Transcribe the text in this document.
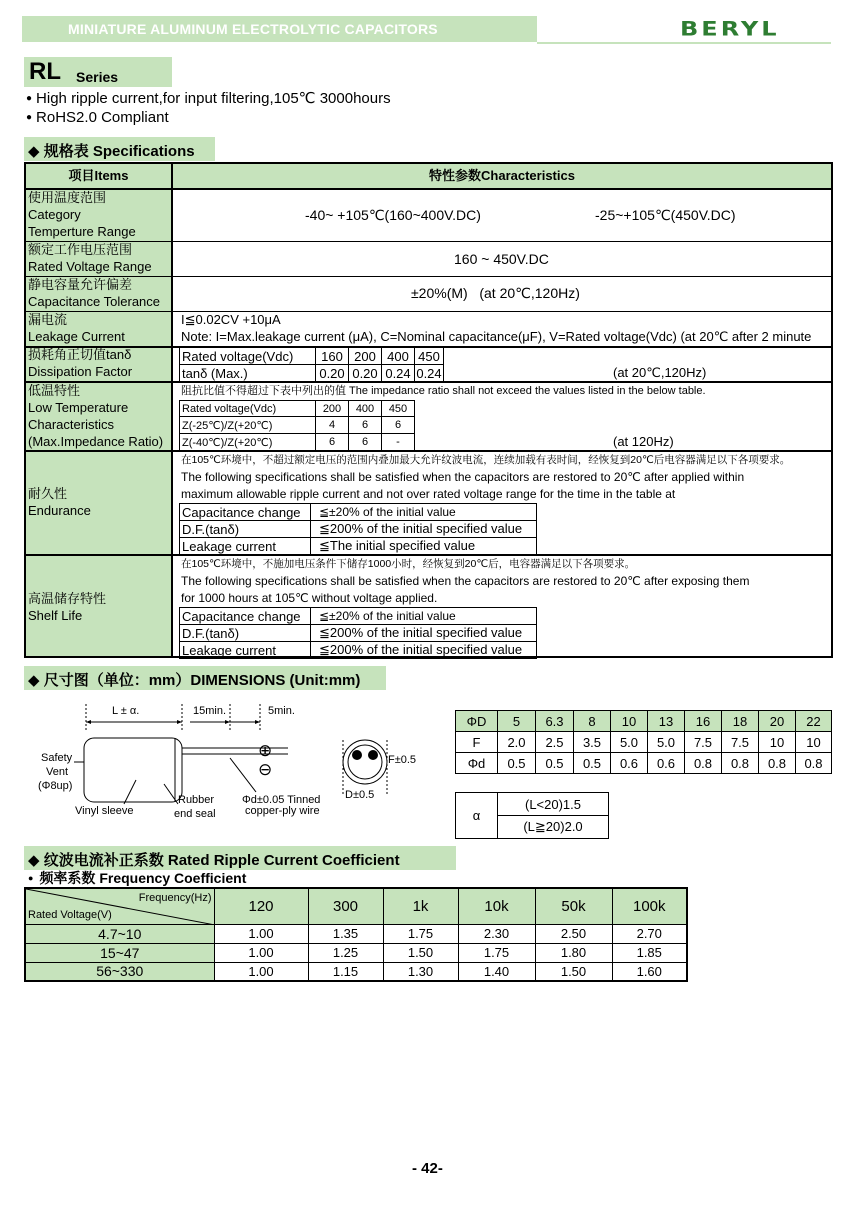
MINIATURE ALUMINUM ELECTROLYTIC CAPACITORS	BERYL
RL Series
● High ripple current,for input filtering,105℃ 3000hours
● RoHS2.0 Compliant
◆ 规格表 Specifications
项目Items	特性参数Characteristics
使用温度范围
Category
Temperture Range
-40~ +105℃(160~400V.DC)	-25~+105℃(450V.DC)
额定工作电压范围
Rated Voltage Range	160 ~ 450V.DC
静电容量允许偏差
Capacitance Tolerance
±20%(M)   (at 20℃,120Hz)
漏电流
Leakage Current
I≦0.02CV +10μA
Note: I=Max.leakage current (μA), C=Nominal capacitance(μF), V=Rated voltage(Vdc) (at 20℃ after 2 minute
损耗角正切值tanδ
Dissipation Factor
Rated voltage(Vdc)	160	200	400	450
tanδ (Max.)	0.20	0.20	0.24	0.24	(at 20℃,120Hz)
低温特性
Low Temperature
Characteristics
(Max.Impedance Ratio)
阻抗比值不得超过下表中列出的值 The impedance ratio shall not exceed the values listed in the below table.
Rated voltage(Vdc)	200	400	450
Z(-25℃)/Z(+20℃)	4	6	6
Z(-40℃)/Z(+20℃)	6	6	-	(at 120Hz)
耐久性
Endurance
在105℃环境中，不超过额定电压的范围内叠加最大允许纹波电流，连续加载有表时间，经恢复到20℃后电容器满足以下各项要求。
The following specifications shall be satisfied when the capacitors are restored to 20℃ after applied within
maximum allowable ripple current and not over rated voltage range for the time in the table at
Capacitance change	≦±20% of the initial value
D.F.(tanδ)	≦200% of the initial specified value
Leakage current	≦The initial specified value
高温储存特性
Shelf Life
在105℃环境中，不施加电压条件下储存1000小时，经恢复到20℃后，电容器满足以下各项要求。
The following specifications shall be satisfied when the capacitors are restored to 20℃ after exposing them
for 1000 hours at 105℃ without voltage applied.
Capacitance change	≦±20% of the initial value
D.F.(tanδ)	≦200% of the initial specified value
Leakage current	≦200% of the initial specified value
◆ 尺寸图（单位：mm）DIMENSIONS (Unit:mm)
L ± α.	15min.	5min.
⊕
⊖
Safety
Vent
(Φ8up)
Vinyl sleeve
Rubber
end seal
Φd±0.05 Tinned
copper-ply wire
F±0.5
D±0.5
ΦD	5	6.3	8	10	13	16	18	20	22
F	2.0	2.5	3.5	5.0	5.0	7.5	7.5	10	10
Φd	0.5	0.5	0.5	0.6	0.6	0.8	0.8	0.8	0.8
α	(L<20)1.5
(L≧20)2.0
◆ 纹波电流补正系数 Rated Ripple Current Coefficient
● 频率系数 Frequency Coefficient
Frequency(Hz)
Rated Voltage(V)	120	300	1k	10k	50k	100k
4.7~10	1.00	1.35	1.75	2.30	2.50	2.70
15~47	1.00	1.25	1.50	1.75	1.80	1.85
56~330	1.00	1.15	1.30	1.40	1.50	1.60
- 42-
